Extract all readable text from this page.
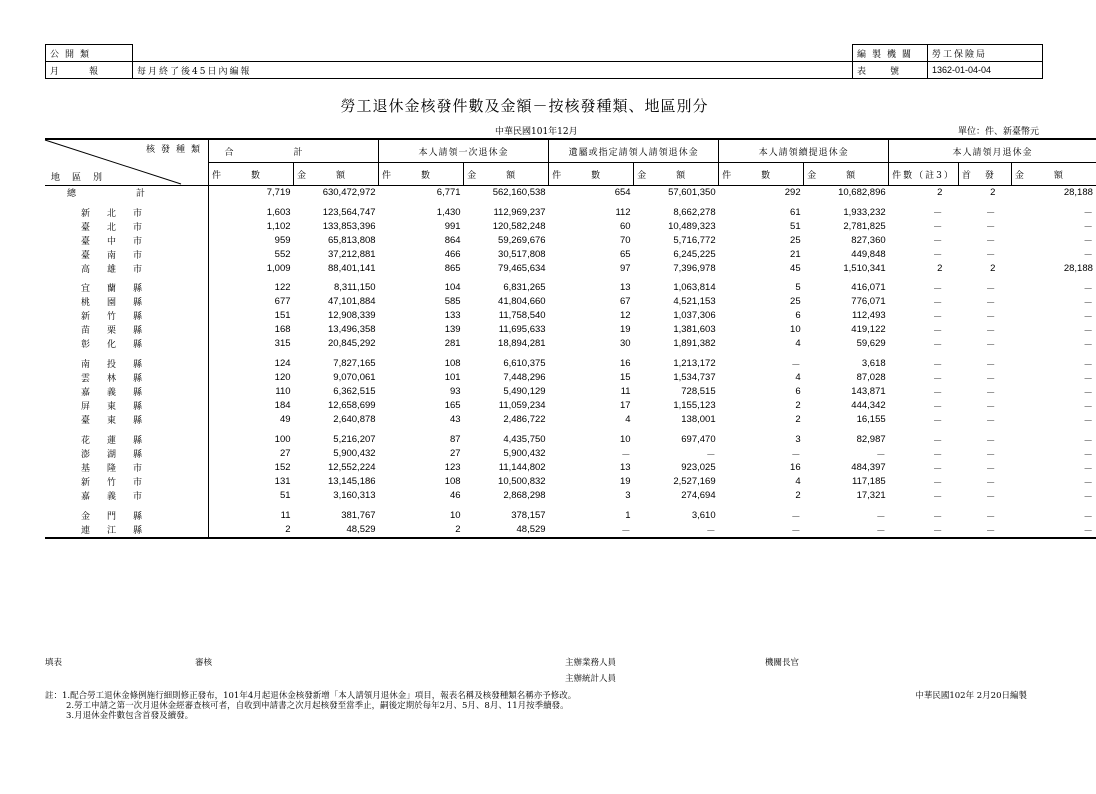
公開類	
月報	每月終了後45日內編報
編製機關	勞工保險局
表號	1362-01-04-04
勞工退休金核發件數及金額－按核發種類、地區別分
中華民國101年12月	單位：件、新臺幣元
核發種類
地區別	合計		本人請領一次退休金		遺屬或指定請領人請領退休金		本人請領續提退休金		本人請領月退休金		
	件數	金額	件數	金額	件數	金額	件數	金額	件數（註3）	首發	金額
總計	7,719	630,472,972	6,771	562,160,538	654	57,601,350	292	10,682,896	2	2	28,188

新北市	1,603	123,564,747	1,430	112,969,237	112	8,662,278	61	1,933,232	－	－	－
臺北市	1,102	133,853,396	991	120,582,248	60	10,489,323	51	2,781,825	－	－	－
臺中市	959	65,813,808	864	59,269,676	70	5,716,772	25	827,360	－	－	－
臺南市	552	37,212,881	466	30,517,808	65	6,245,225	21	449,848	－	－	－
高雄市	1,009	88,401,141	865	79,465,634	97	7,396,978	45	1,510,341	2	2	28,188

宜蘭縣	122	8,311,150	104	6,831,265	13	1,063,814	5	416,071	－	－	－
桃園縣	677	47,101,884	585	41,804,660	67	4,521,153	25	776,071	－	－	－
新竹縣	151	12,908,339	133	11,758,540	12	1,037,306	6	112,493	－	－	－
苗栗縣	168	13,496,358	139	11,695,633	19	1,381,603	10	419,122	－	－	－
彰化縣	315	20,845,292	281	18,894,281	30	1,891,382	4	59,629	－	－	－

南投縣	124	7,827,165	108	6,610,375	16	1,213,172	－	3,618	－	－	－
雲林縣	120	9,070,061	101	7,448,296	15	1,534,737	4	87,028	－	－	－
嘉義縣	110	6,362,515	93	5,490,129	11	728,515	6	143,871	－	－	－
屏東縣	184	12,658,699	165	11,059,234	17	1,155,123	2	444,342	－	－	－
臺東縣	49	2,640,878	43	2,486,722	4	138,001	2	16,155	－	－	－

花蓮縣	100	5,216,207	87	4,435,750	10	697,470	3	82,987	－	－	－
澎湖縣	27	5,900,432	27	5,900,432	－	－	－	－	－	－	－
基隆市	152	12,552,224	123	11,144,802	13	923,025	16	484,397	－	－	－
新竹市	131	13,145,186	108	10,500,832	19	2,527,169	4	117,185	－	－	－
嘉義市	51	3,160,313	46	2,868,298	3	274,694	2	17,321	－	－	－

金門縣	11	381,767	10	378,157	1	3,610	－	－	－	－	－
連江縣	2	48,529	2	48,529	－	－	－	－	－	－	－
填表	審核	主辦業務人員	機關長官
主辦統計人員
註：1.配合勞工退休金條例施行細則修正發布，101年4月起退休金核發新增「本人請領月退休金」項目，報表名稱及核發種類名稱亦予修改。
2.勞工申請之第一次月退休金經審查核可者，自收到申請書之次月起核發至當季止，嗣後定期於每年2月、5月、8月、11月按季續發。
3.月退休金件數包含首發及續發。
中華民國102年 2月20日編製
